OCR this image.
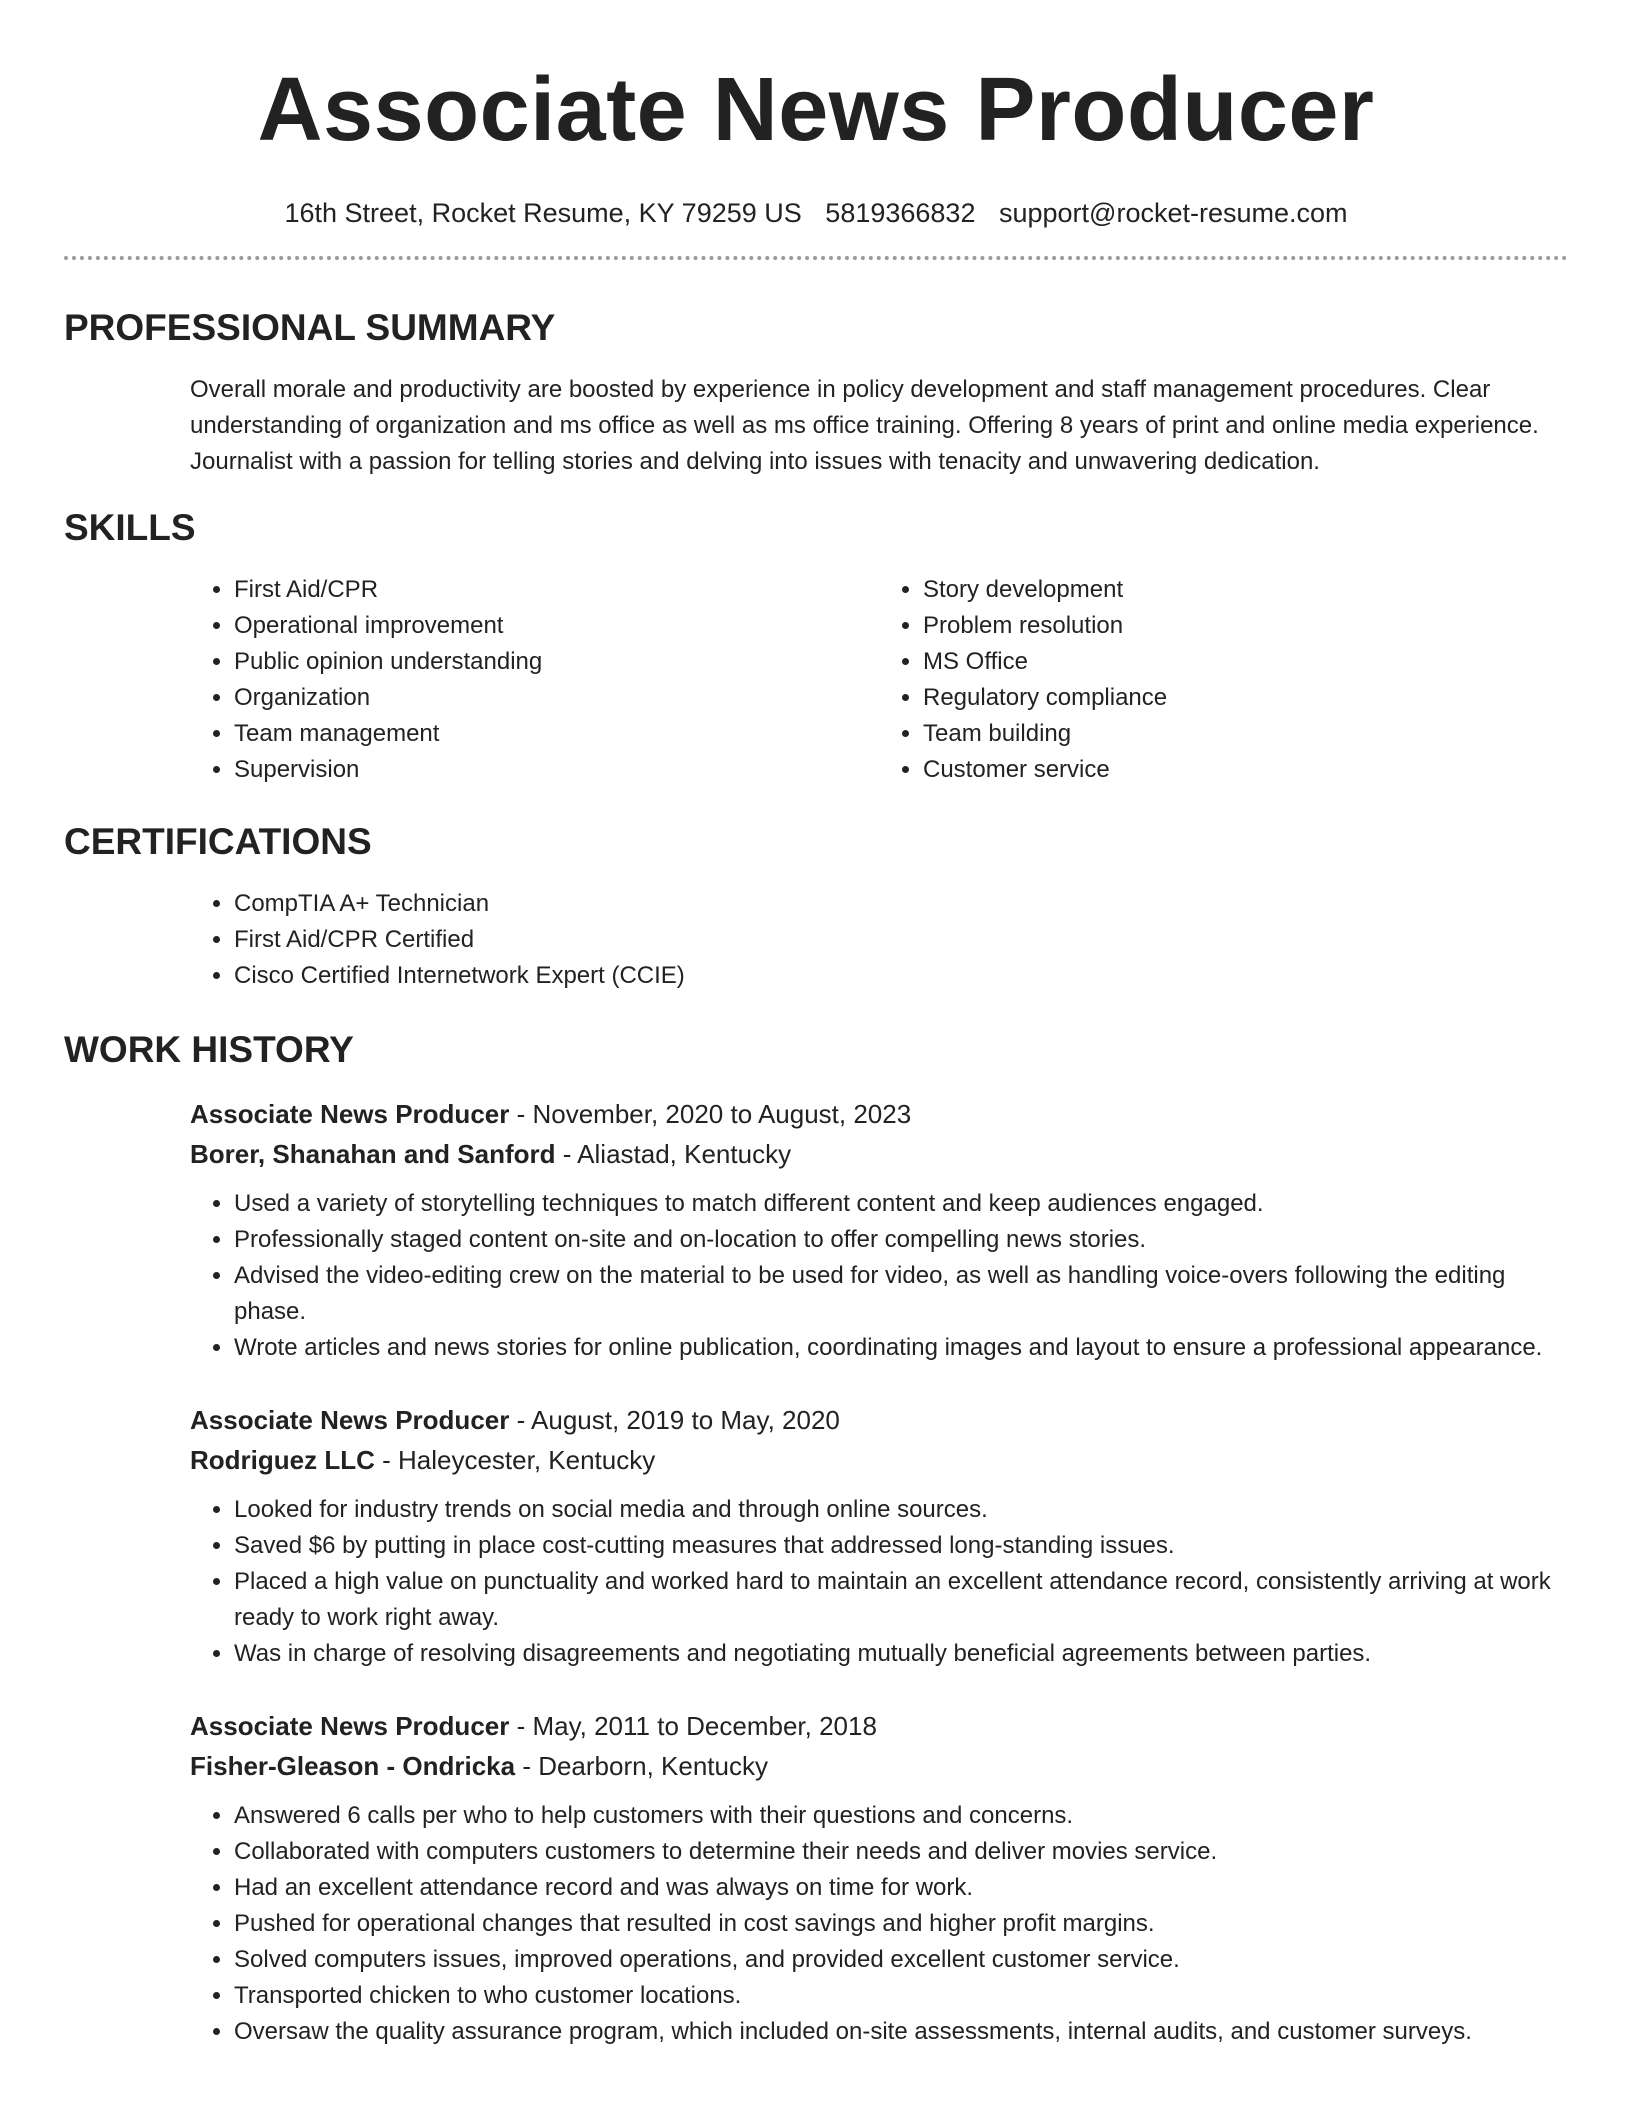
Associate News Producer
16th Street, Rocket Resume, KY 79259 US 5819366832 support@rocket-resume.com
PROFESSIONAL SUMMARY

Overall morale and productivity are boosted by experience in policy development and staff management procedures. Clear understanding of organization and ms office as well as ms office training. Offering 8 years of print and online media experience. Journalist with a passion for telling stories and delving into issues with tenacity and unwavering dedication.

SKILLS
• First Aid/CPR
• Operational improvement
• Public opinion understanding
• Organization
• Team management
• Supervision
• Story development
• Problem resolution
• MS Office
• Regulatory compliance
• Team building
• Customer service
CERTIFICATIONS
• CompTIA A+ Technician
• First Aid/CPR Certified
• Cisco Certified Internetwork Expert (CCIE)
WORK HISTORY
Associate News Producer - November, 2020 to August, 2023
Borer, Shanahan and Sanford - Aliastad, Kentucky
• Used a variety of storytelling techniques to match different content and keep audiences engaged.
• Professionally staged content on-site and on-location to offer compelling news stories.
• Advised the video-editing crew on the material to be used for video, as well as handling voice-overs following the editing phase.
• Wrote articles and news stories for online publication, coordinating images and layout to ensure a professional appearance.
Associate News Producer - August, 2019 to May, 2020
Rodriguez LLC - Haleycester, Kentucky
• Looked for industry trends on social media and through online sources.
• Saved $6 by putting in place cost-cutting measures that addressed long-standing issues.
• Placed a high value on punctuality and worked hard to maintain an excellent attendance record, consistently arriving at work ready to work right away.
• Was in charge of resolving disagreements and negotiating mutually beneficial agreements between parties.
Associate News Producer - May, 2011 to December, 2018
Fisher-Gleason - Ondricka - Dearborn, Kentucky
• Answered 6 calls per who to help customers with their questions and concerns.
• Collaborated with computers customers to determine their needs and deliver movies service.
• Had an excellent attendance record and was always on time for work.
• Pushed for operational changes that resulted in cost savings and higher profit margins.
• Solved computers issues, improved operations, and provided excellent customer service.
• Transported chicken to who customer locations.
• Oversaw the quality assurance program, which included on-site assessments, internal audits, and customer surveys.
